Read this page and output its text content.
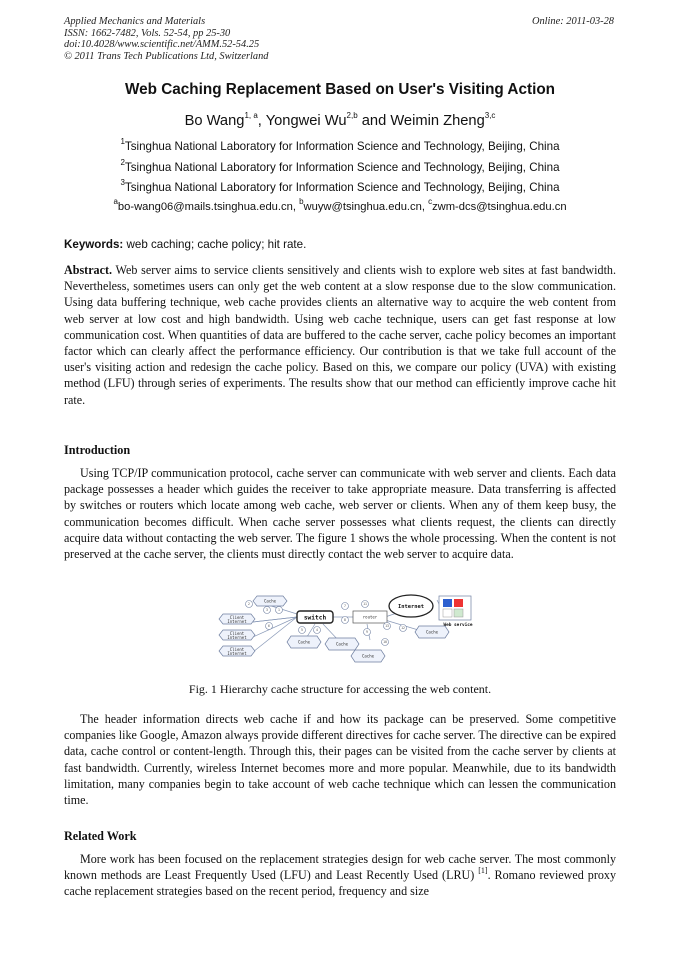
Applied Mechanics and Materials
ISSN: 1662-7482, Vols. 52-54, pp 25-30
doi:10.4028/www.scientific.net/AMM.52-54.25
© 2011 Trans Tech Publications Ltd, Switzerland
Online: 2011-03-28
Web Caching Replacement Based on User's Visiting Action
Bo Wang$^{1, a}$, Yongwei Wu$^{2,b}$ and Weimin Zheng$^{3,c}$
$^1$Tsinghua National Laboratory for Information Science and Technology, Beijing, China
$^2$Tsinghua National Laboratory for Information Science and Technology, Beijing, China
$^3$Tsinghua National Laboratory for Information Science and Technology, Beijing, China
$^a$bo-wang06@mails.tsinghua.edu.cn, $^b$wuyw@tsinghua.edu.cn, $^c$zwm-dcs@tsinghua.edu.cn
Keywords: web caching; cache policy; hit rate.
Abstract. Web server aims to service clients sensitively and clients wish to explore web sites at fast bandwidth. Nevertheless, sometimes users can only get the web content at a slow response due to the slow communication. Using data buffering technique, web cache provides clients an alternative way to acquire the web content from web server at low cost and high bandwidth. Using web cache technique, users can get fast response at low communication cost. When quantities of data are buffered to the cache server, cache policy becomes an important factor which can clearly affect the performance efficiency. Our contribution is that we take full account of the user's visiting action and redesign the cache policy. Based on this, we compare our policy (UVA) with existing method (LFU) through series of experiments. The results show that our method can efficiently improve cache hit rate.
Introduction
Using TCP/IP communication protocol, cache server can communicate with web server and clients. Each data package possesses a header which guides the receiver to take appropriate measure. Data transferring is affected by switches or routers which locate among web cache, web server or clients. When any of them keep busy, the communication becomes difficult. When cache server possesses what clients request, the clients can directly acquire data without contacting the web server. The figure 1 shows the whole processing. When the content is not preserved at the cache server, the clients must directly contact the web server to acquire data.
2
3	1
6
5	4
7
8
11
9
10
12
13
Cache
Client
Internet
Client
Internet
Client
Internet
Cache	Cache
Cache
Cache
router
switch
Internet
Web service
Fig. 1 Hierarchy cache structure for accessing the web content.
The header information directs web cache if and how its package can be preserved. Some competitive companies like Google, Amazon always provide different directives for cache server. The directive can be expired data, cache control or content-length. Through this, their pages can be visited from the cache server by clients at fast bandwidth. Currently, wireless Internet becomes more and more popular. Meanwhile, due to its bandwidth limitation, many companies begin to take account of web cache technique which can lessen the communication time.
Related Work
More work has been focused on the replacement strategies design for web cache server. The most commonly known methods are Least Frequently Used (LFU) and Least Recently Used (LRU) [1]. Romano reviewed proxy cache replacement strategies based on the recent period, frequency and size
